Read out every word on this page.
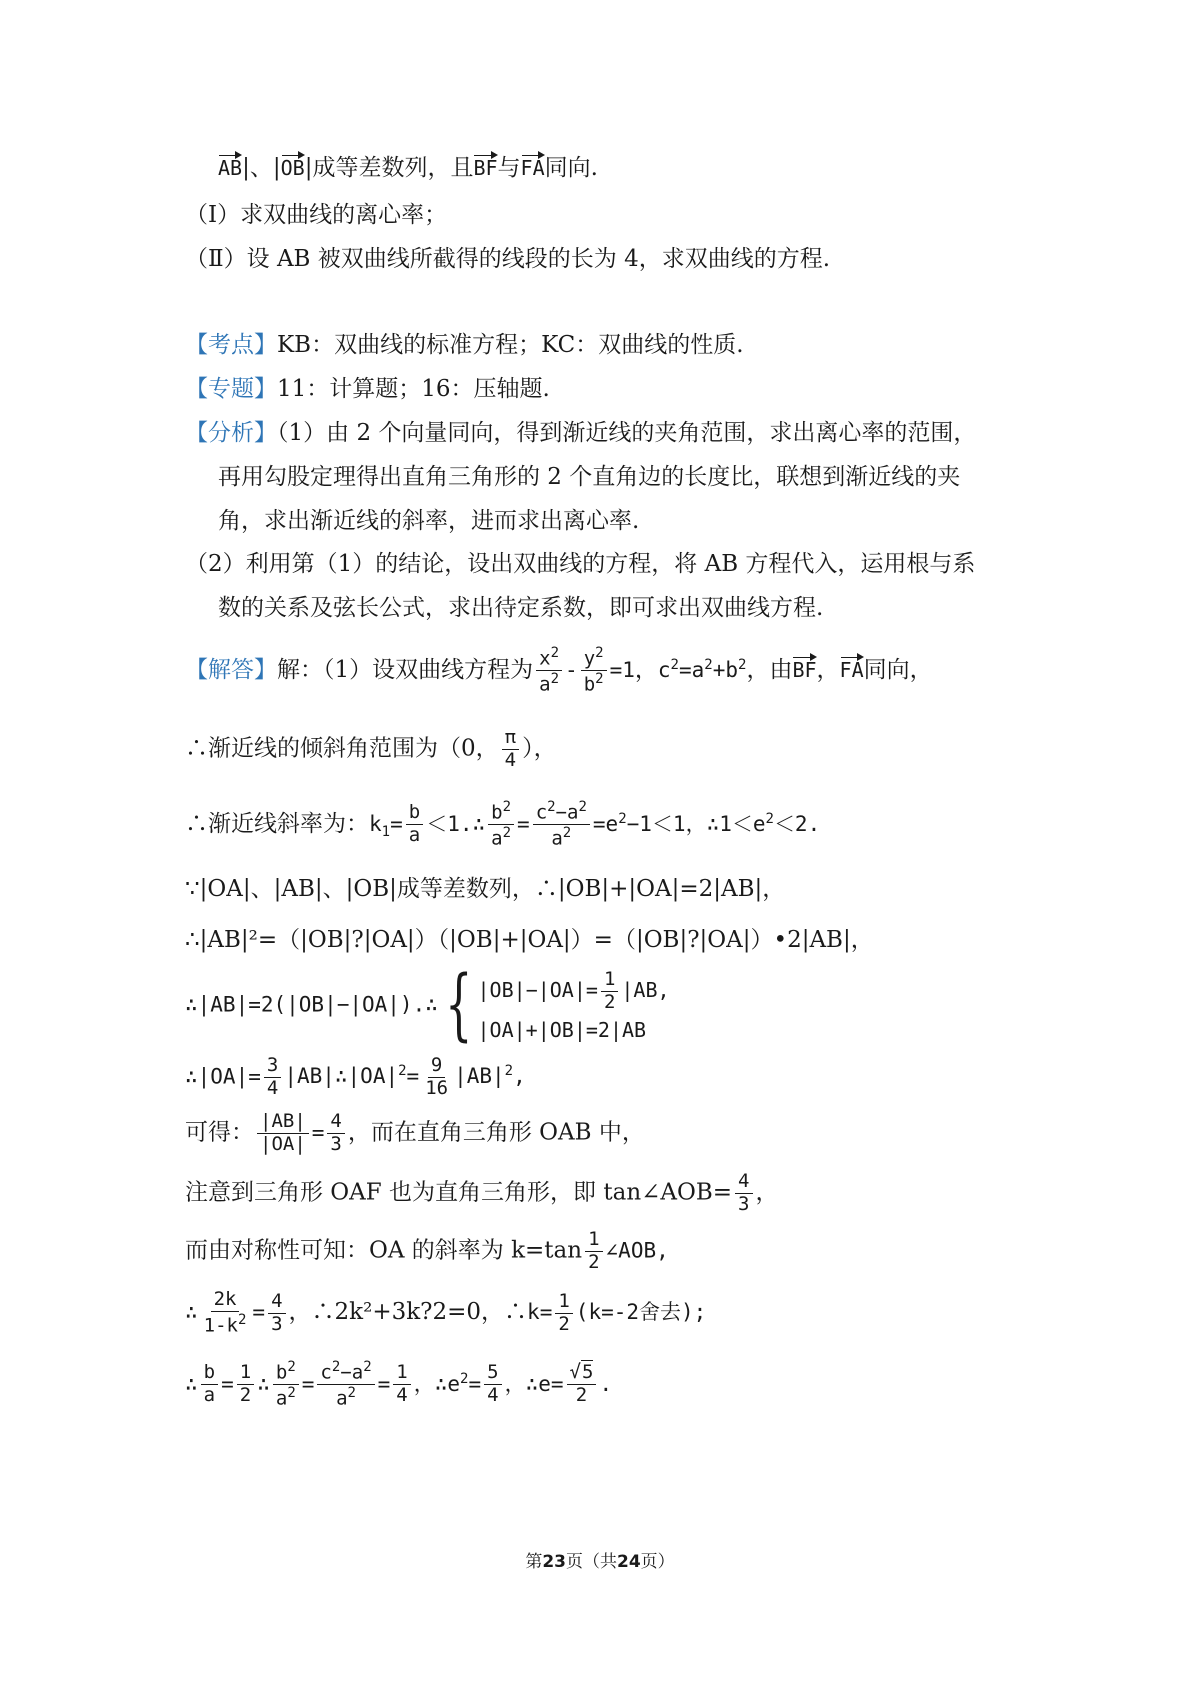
AB|、|OB|成等差数列，且BF与FA同向.
（Ⅰ）求双曲线的离心率；
（Ⅱ）设 AB 被双曲线所截得的线段的长为 4，求双曲线的方程.
【考点】KB：双曲线的标准方程；KC：双曲线的性质.
【专题】11：计算题；16：压轴题.
【分析】（1）由 2 个向量同向，得到渐近线的夹角范围，求出离心率的范围，
再用勾股定理得出直角三角形的 2 个直角边的长度比，联想到渐近线的夹
角，求出渐近线的斜率，进而求出离心率.
（2）利用第（1）的结论，设出双曲线的方程，将 AB 方程代入，运用根与系
数的关系及弦长公式，求出待定系数，即可求出双曲线方程.
【解答】解：（1）设双曲线方程为 $\frac{x^2}{a^2} - \frac{y^2}{b^2} =1$，$c^2=a^2+b^2$，由BF，FA同向，
∴渐近线的倾斜角范围为（0， $\frac{\pi}{4}$ ），
∴渐近线斜率为：$k_1= \frac{b}{a}$ ＜1.∴ $\frac{b^2}{a^2} = \frac{c^2-a^2}{a^2} =e^2-1<1$，$\therefore 1<e^2<2$.
∵|OA|、|AB|、|OB|成等差数列，∴|OB|+|OA|=2|AB|，
∴|AB|²=（|OB|?|OA|）（|OB|+|OA|）=（|OB|?|OA|）•2|AB|，
∴|AB|=2(|OB|−|OA|).∴ { $|OB|-|OA|= \frac{1}{2} |AB$,
|OA|+|OB|=2|AB
∴|OA|= $\frac{3}{4}$ $|AB|\therefore|OA|^2= \frac{9}{16} |AB|^2$,
可得： $\frac{|AB|}{|OA|} = \frac{4}{3}$ ，而在直角三角形 OAB 中，
注意到三角形 OAF 也为直角三角形，即 tan∠AOB= $\frac{4}{3}$ ，
而由对称性可知：OA 的斜率为 $k=\tan \frac{1}{2}$ ∠AOB,
∴ $\frac{2k}{1-k^2} = \frac{4}{3}$ ，∴2k²+3k?2=0，∴k= $\frac{1}{2} (k=-2$舍去);
∴ $\frac{b}{a} = \frac{1}{2}$ ∴ $\frac{b^2}{a^2} = \frac{c^2-a^2}{a^2} = \frac{1}{4}$ ，$\therefore e^2= \frac{5}{4}$ ，∴e= $\frac{√5}{2}$ .
第23页（共24页）
